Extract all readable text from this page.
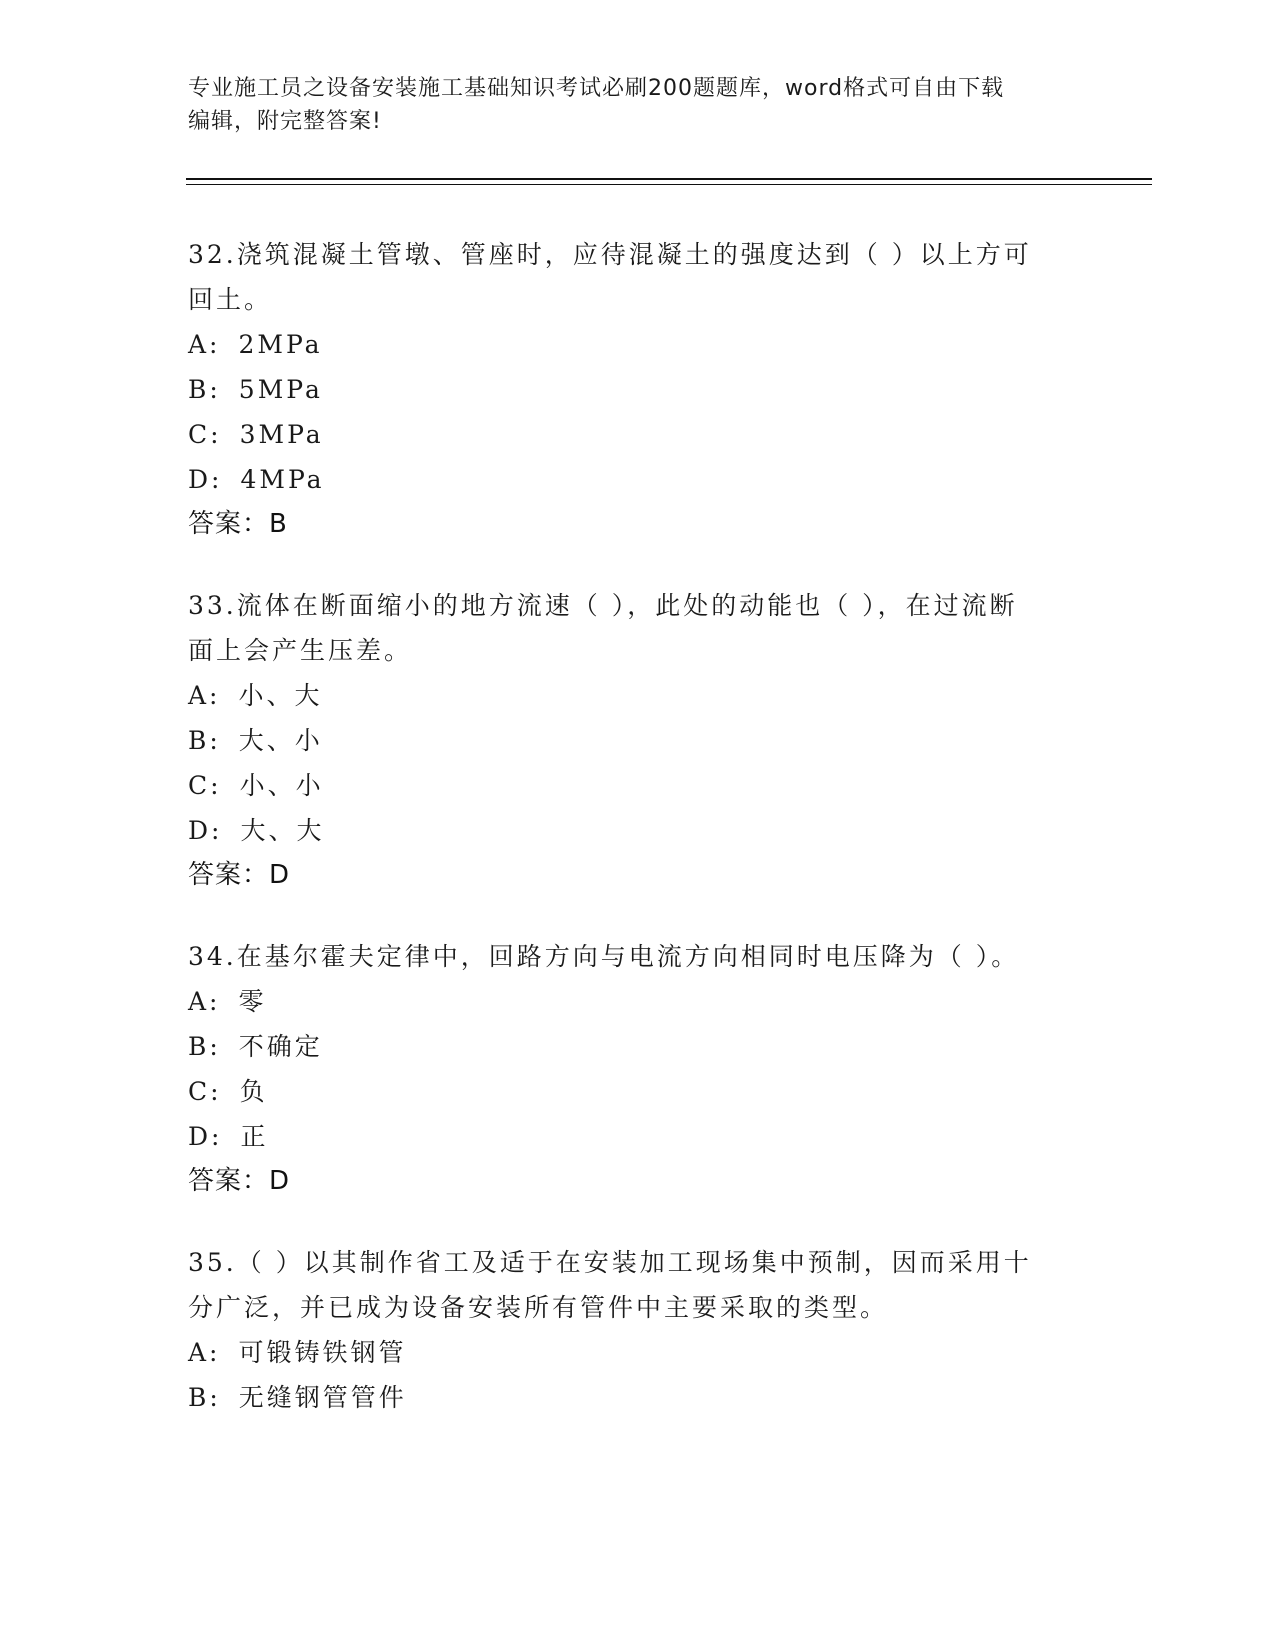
专业施工员之设备安装施工基础知识考试必刷200题题库，word格式可自由下载
编辑，附完整答案!
32.浇筑混凝土管墩、管座时，应待混凝土的强度达到（ ）以上方可
回土。
A: 2MPa
B: 5MPa
C: 3MPa
D: 4MPa
答案：B
33.流体在断面缩小的地方流速（ ），此处的动能也（ ），在过流断
面上会产生压差。
A: 小、大
B: 大、小
C: 小、小
D: 大、大
答案：D
34.在基尔霍夫定律中，回路方向与电流方向相同时电压降为（ ）。
A: 零
B: 不确定
C: 负
D: 正
答案：D
35.（ ）以其制作省工及适于在安装加工现场集中预制，因而采用十
分广泛，并已成为设备安装所有管件中主要采取的类型。
A: 可锻铸铁钢管
B: 无缝钢管管件
